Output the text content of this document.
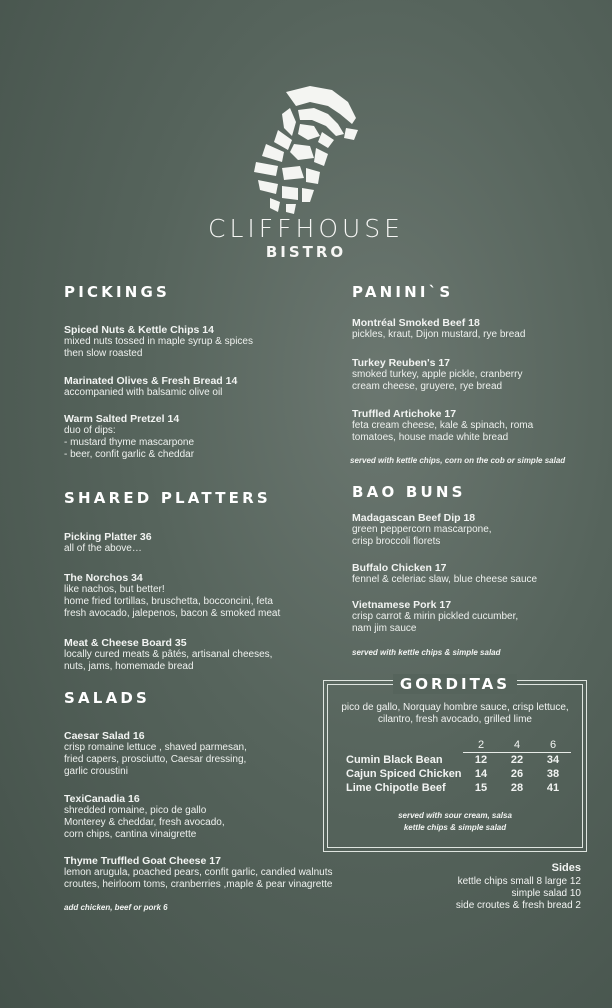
CLIFFHOUSE
BISTRO
PICKINGS
Spiced Nuts & Kettle Chips 14
mixed nuts tossed in maple syrup & spices
then slow roasted
Marinated Olives & Fresh Bread 14
accompanied with balsamic olive oil
Warm Salted Pretzel 14
duo of dips:
- mustard thyme mascarpone
- beer, confit garlic & cheddar
SHARED PLATTERS
Picking Platter 36
all of the above…
The Norchos 34
like nachos, but better!
home fried tortillas, bruschetta, bocconcini, feta
fresh avocado, jalepenos, bacon & smoked meat
Meat & Cheese Board 35
locally cured meats & pâtés, artisanal cheeses,
nuts, jams, homemade bread
SALADS
Caesar Salad 16
crisp romaine lettuce , shaved parmesan,
fried capers, prosciutto, Caesar dressing,
garlic croustini
TexiCanadia 16
shredded romaine, pico de gallo
Monterey & cheddar, fresh avocado,
corn chips, cantina vinaigrette
Thyme Truffled Goat Cheese 17
lemon arugula, poached pears, confit garlic, candied walnuts
croutes, heirloom toms, cranberries ,maple & pear vinagrette
add chicken, beef or pork 6
PANINI`S
Montréal Smoked Beef 18
pickles, kraut, Dijon mustard, rye bread
Turkey Reuben's 17
smoked turkey, apple pickle, cranberry
cream cheese, gruyere, rye bread
Truffled Artichoke 17
feta cream cheese, kale & spinach, roma
tomatoes, house made white bread
served with kettle chips, corn on the cob or simple salad
BAO BUNS
Madagascan Beef Dip 18
green peppercorn mascarpone,
crisp broccoli florets
Buffalo Chicken 17
fennel & celeriac slaw, blue cheese sauce
Vietnamese Pork 17
crisp carrot & mirin pickled cucumber,
nam jim sauce
served with kettle chips & simple salad
GORDITAS
pico de gallo, Norquay hombre sauce, crisp lettuce,
cilantro, fresh avocado, grilled lime
	2	4	6
Cumin Black Bean	12	22	34
Cajun Spiced Chicken	14	26	38
Lime Chipotle Beef	15	28	41
served with sour cream, salsa
kettle chips & simple salad
Sides
kettle chips small 8 large 12
simple salad 10
side croutes & fresh bread 2
